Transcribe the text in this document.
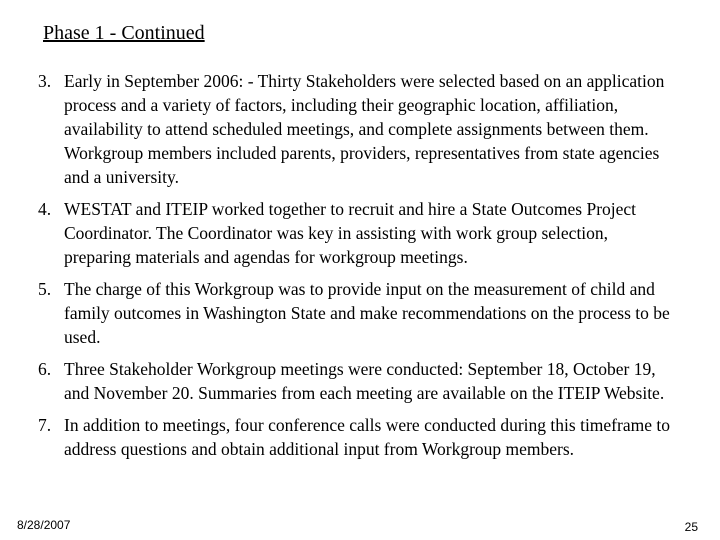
Phase 1 - Continued
3. Early in September 2006: - Thirty Stakeholders were selected based on an application process and a variety of factors, including their geographic location, affiliation, availability to attend scheduled meetings, and complete assignments between them. Workgroup members included parents, providers, representatives from state agencies and a university.
4. WESTAT and ITEIP worked together to recruit and hire a State Outcomes Project Coordinator. The Coordinator was key in assisting with work group selection, preparing materials and agendas for workgroup meetings.
5. The charge of this Workgroup was to provide input on the measurement of child and family outcomes in Washington State and make recommendations on the process to be used.
6. Three Stakeholder Workgroup meetings were conducted: September 18, October 19, and November 20. Summaries from each meeting are available on the ITEIP Website.
7. In addition to meetings, four conference calls were conducted during this timeframe to address questions and obtain additional input from Workgroup members.
8/28/2007	25
